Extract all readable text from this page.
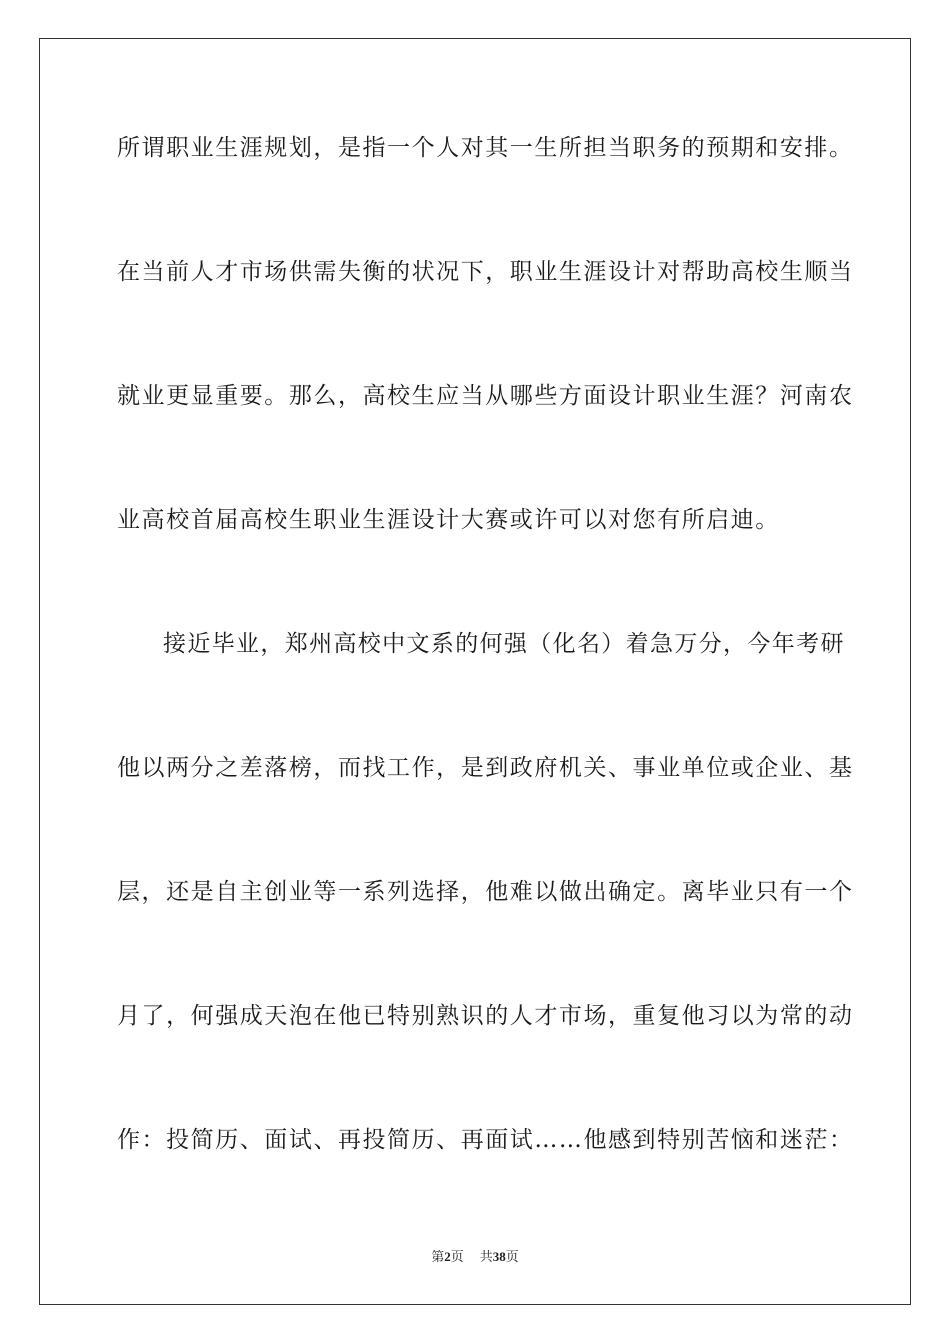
所谓职业生涯规划，是指一个人对其一生所担当职务的预期和安排。
在当前人才市场供需失衡的状况下，职业生涯设计对帮助高校生顺当
就业更显重要。那么，高校生应当从哪些方面设计职业生涯？河南农
业高校首届高校生职业生涯设计大赛或许可以对您有所启迪。
接近毕业，郑州高校中文系的何强（化名）着急万分，今年考研
他以两分之差落榜，而找工作，是到政府机关、事业单位或企业、基
层，还是自主创业等一系列选择，他难以做出确定。离毕业只有一个
月了，何强成天泡在他已特别熟识的人才市场，重复他习以为常的动
作：投简历、面试、再投简历、再面试……他感到特别苦恼和迷茫：
第2页 共38页
